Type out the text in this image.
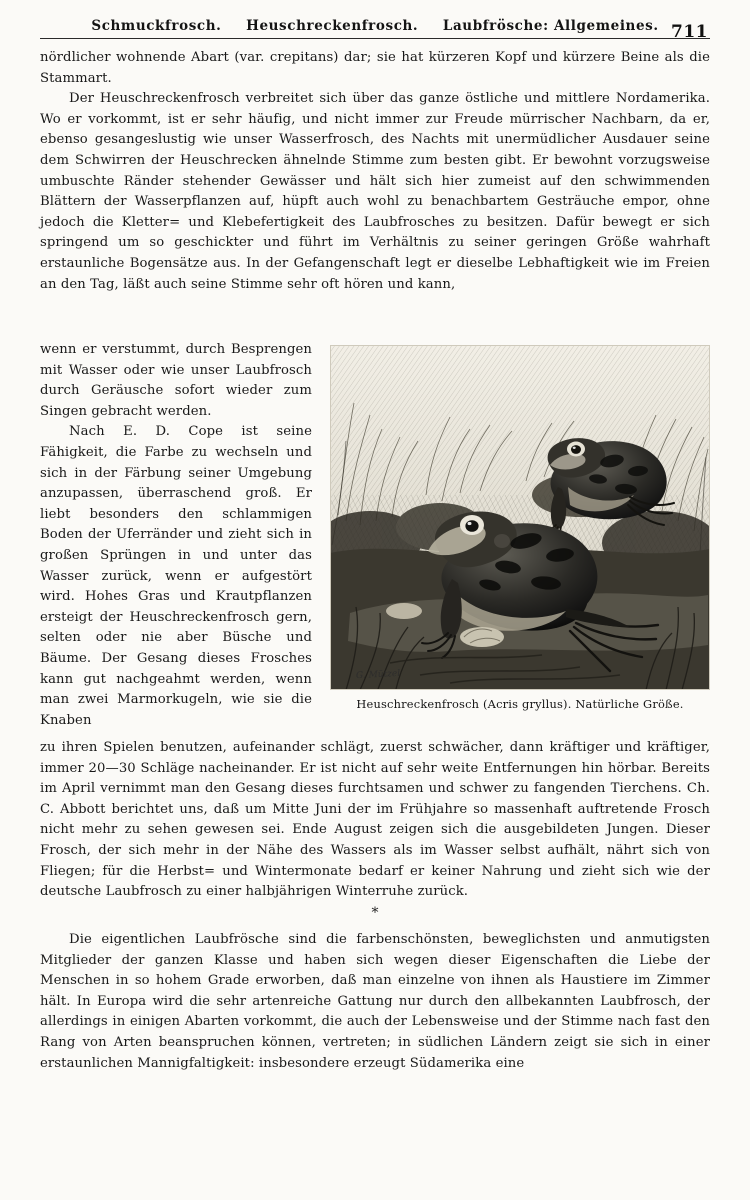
Schmuckfrosch. Heuschreckenfrosch. Laubfrösche: Allgemeines. 711

nördlicher wohnende Abart (var. crepitans) dar; sie hat kürzeren Kopf und kürzere Beine als die Stammart.

Der Heuschreckenfrosch verbreitet sich über das ganze östliche und mittlere Nordamerika. Wo er vorkommt, ist er sehr häufig, und nicht immer zur Freude mürrischer Nachbarn, da er, ebenso gesangeslustig wie unser Wasserfrosch, des Nachts mit unermüdlicher Ausdauer seine dem Schwirren der Heuschrecken ähnelnde Stimme zum besten gibt. Er bewohnt vorzugsweise umbuschte Ränder stehender Gewässer und hält sich hier zumeist auf den schwimmenden Blättern der Wasserpflanzen auf, hüpft auch wohl zu benachbartem Gesträuche empor, ohne jedoch die Kletter= und Klebefertigkeit des Laubfrosches zu besitzen. Dafür bewegt er sich springend um so geschickter und führt im Verhältnis zu seiner geringen Größe wahrhaft erstaunliche Bogensätze aus. In der Gefangenschaft legt er dieselbe Lebhaftigkeit wie im Freien an den Tag, läßt auch seine Stimme sehr oft hören und kann,

wenn er verstummt, durch Besprengen mit Wasser oder wie unser Laubfrosch durch Geräusche sofort wieder zum Singen gebracht werden.

Nach E. D. Cope ist seine Fähigkeit, die Farbe zu wechseln und sich in der Färbung seiner Umgebung anzupassen, überraschend groß. Er liebt besonders den schlammigen Boden der Uferränder und zieht sich in großen Sprüngen in und unter das Wasser zurück, wenn er aufgestört wird. Hohes Gras und Krautpflanzen ersteigt der Heuschreckenfrosch gern, selten oder nie aber Büsche und Bäume. Der Gesang dieses Frosches kann gut nachgeahmt werden, wenn man zwei Marmorkugeln, wie sie die Knaben

G. Mützel
Heuschreckenfrosch (Acris gryllus). Natürliche Größe.

zu ihren Spielen benutzen, aufeinander schlägt, zuerst schwächer, dann kräftiger und kräftiger, immer 20—30 Schläge nacheinander. Er ist nicht auf sehr weite Entfernungen hin hörbar. Bereits im April vernimmt man den Gesang dieses furchtsamen und schwer zu fangenden Tierchens. Ch. C. Abbott berichtet uns, daß um Mitte Juni der im Frühjahre so massenhaft auftretende Frosch nicht mehr zu sehen gewesen sei. Ende August zeigen sich die ausgebildeten Jungen. Dieser Frosch, der sich mehr in der Nähe des Wassers als im Wasser selbst aufhält, nährt sich von Fliegen; für die Herbst= und Wintermonate bedarf er keiner Nahrung und zieht sich wie der deutsche Laubfrosch zu einer halbjährigen Winterruhe zurück.

*

Die eigentlichen Laubfrösche sind die farbenschönsten, beweglichsten und anmutigsten Mitglieder der ganzen Klasse und haben sich wegen dieser Eigenschaften die Liebe der Menschen in so hohem Grade erworben, daß man einzelne von ihnen als Haustiere im Zimmer hält. In Europa wird die sehr artenreiche Gattung nur durch den allbekannten Laubfrosch, der allerdings in einigen Abarten vorkommt, die auch der Lebensweise und der Stimme nach fast den Rang von Arten beanspruchen können, vertreten; in südlichen Ländern zeigt sie sich in einer erstaunlichen Mannigfaltigkeit: insbesondere erzeugt Südamerika eine
